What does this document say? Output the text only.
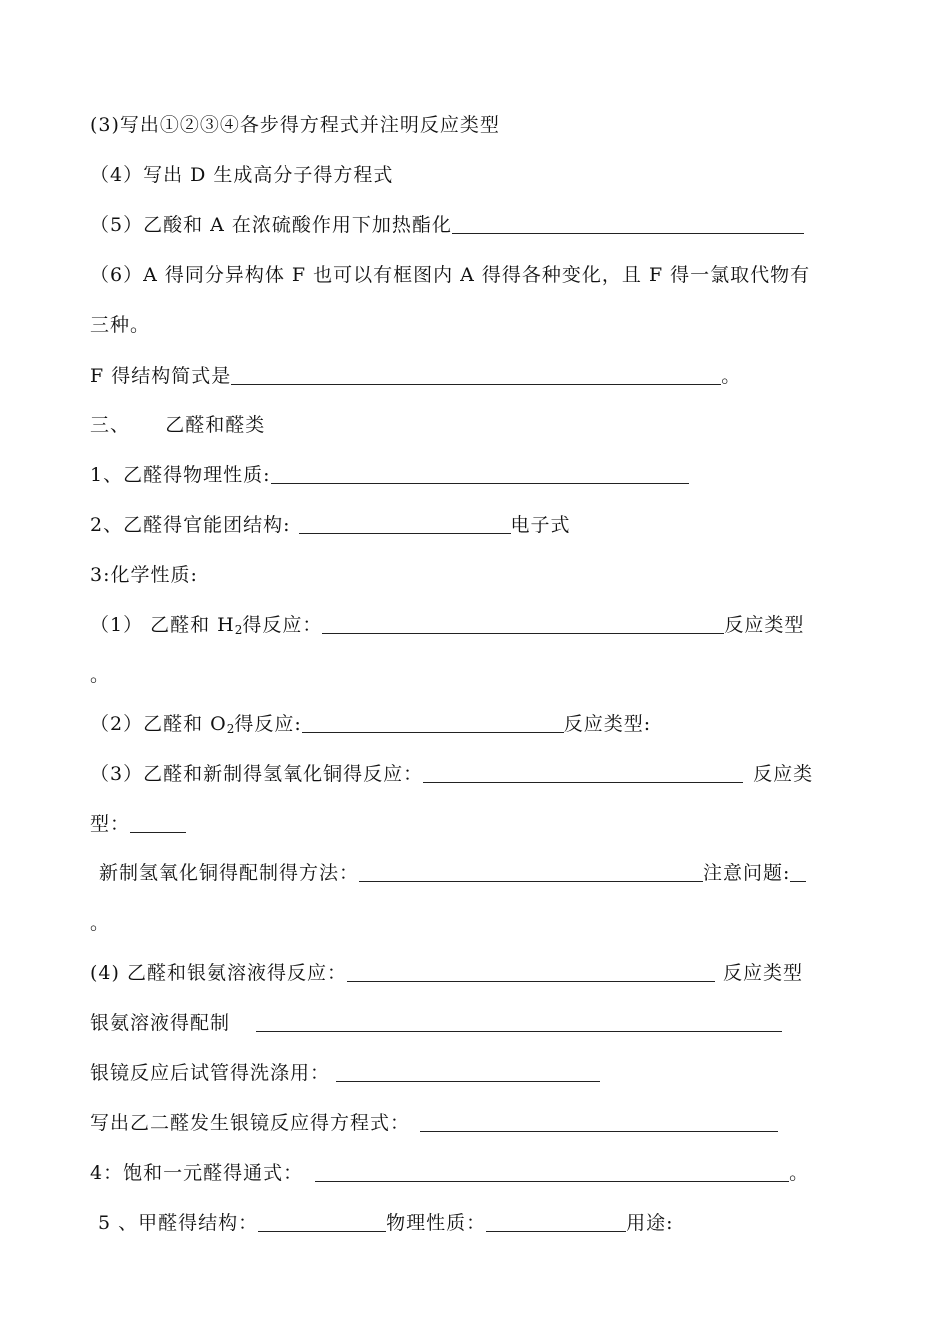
(3)写出①②③④各步得方程式并注明反应类型
（4）写出 D 生成高分子得方程式
（5）乙酸和 A 在浓硫酸作用下加热酯化
（6）A 得同分异构体 F 也可以有框图内 A 得得各种变化，且 F 得一氯取代物有
三种。
F 得结构简式是	。
三、     乙醛和醛类
1、乙醛得物理性质:
2、乙醛得官能团结构:	电子式
3:化学性质:
（1） 乙醛和 $H_2$得反应：	反应类型
。
（2）乙醛和 $O_2$得反应:	反应类型:
（3）乙醛和新制得氢氧化铜得反应：	反应类
型：
新制氢氧化铜得配制得方法：	注意问题:
。
(4) 乙醛和银氨溶液得反应：	反应类型
银氨溶液得配制
银镜反应后试管得洗涤用：
写出乙二醛发生银镜反应得方程式：
4：饱和一元醛得通式：	。
5 、甲醛得结构：	物理性质：	用途:
